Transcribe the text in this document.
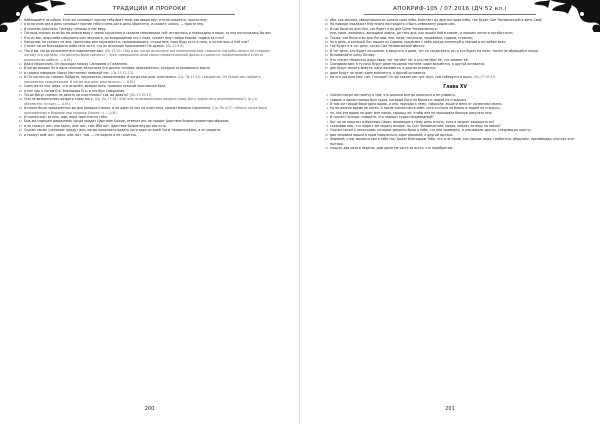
ТРАДИЦИИ И ПРОРОКИ
10 Наблюдайте за собою. Если же согрешит против тебя брат твой, выговори ему; и если покается, прости ему;
4 и если семь раз в день согрешит против тебя и семь раз в день обратится, и скажет: каюсь, — прости ему.
5 И сказали Апостолы Господу: умножь в нас веру.
6 Господь сказал: если бы вы имели веру с зерно горчичное и сказали смоковнице сей: исторгнись и пересадись в море, то она послушалась бы вас.
7 Кто из вас, имея раба пашущего или пасущего, по возвращении его с поля, скажет ему: пойди скорее, садись за стол?
8 Напротив, не скажет ли ему: приготовь мне поужинать и, подпоясавшись, служи мне, пока буду есть и пить, и потом ешь и пей сам?
9 Станет ли он благодарить раба сего за то, что он исполнил приказание? Не думаю. (Лк.17:5-9)
10 Так и вы, когда исполните всё повеленное вам, (Лк.17:10: «Так и вы, когда исполните всё повеленное вам, говорите: мы рабы ничего не стоящие, потому что сделали, что должны были сделать» / Лука: совершенно иной смысл первоначальной фразы в сущности, превратившейся в нечто аналогичное работе. — А.М.)
11 Идя в Иерусалим, Он проходил между Самариею и Галилеею.
12 И когда входил Он в одно селение, встретили Его десять человек прокажённых, которые остановились вдали
13 и громко говорили: Иисус Наставник! помилуй нас. (Лк.17:11-13)
14 И Он послал их, говоря: Пойдите, покажитесь священникам. И когда они шли, очистились. (Ср. Лк.17:14: «Увидев их, Он сказал им: пойдите, покажитесь священникам. И когда они шли, очистились». — А.М.)
15 Один же из них, видя, что исцелён, возвратился, громким голосом прославляя Бога,
16 и пал ниц к ногам Его, благодаря Его; и это был Самарянин.
17 Тогда Иисус сказал: не десять ли очистились? где же девять? (Лк.17:15-17)
18 Они не возвратились воздать славу Богу. (Ср. Лк.17:18: «Как они не возвратились воздать славу Богу, кроме сего иноплеменника?» (и у в абсолютно, лучше). — А.М.)
19 И много было прокажённых во дни пророка Елисея, и ни один из них не очистился, кроме Неемана Сириянина. (Ср. Лк.4:27: «Много также было прокажённых в Израиле при пророке Елисее...» — А.М.)
20 И сказал ему: встань, иди; вера твоя спасла тебя.
21 Быв же спрошен фарисеями, когда придёт Царствие Божие, отвечал им: не придёт Царствие Божие приметным образом,
22 и не скажут: вот, оно здесь, или: вот, там. Ибо вот, Царствие Божие внутрь вас есть.
23 Сказал также ученикам: придут дни, когда пожелаете видеть хотя один из дней Сына Человеческого, и не увидите;
24 и скажут вам: вот, здесь, или: вот, там, — не ходите и не гонитесь,
200
АПОКРИФ-105 / 07.2016 (ДЧ 52 кл.)
25 ибо, как молния, сверкнувшая от одного края неба, блистает до другого края неба, так будет Сын Человеческий в день Свой.
26 Но прежде надлежит Ему много пострадать и быть отвержену родом сим.
27 И как было во дни Ноя, так будет и во дни Сына Человеческого:
ели, пили, женились, выходили замуж, до того дня, как вошёл Ной в ковчег, и пришёл потоп и погубил всех.
28 Также, как было и во дни Лотовы: ели, пили, покупали, продавали, садили, строили;
29 но в день, в который Лот вышел из Содома, пролился с неба дождь огненный и серный и истребил всех;
30 так будет и в тот день, когда Сын Человеческий явится.
31 В тот день, кто будет на кровле, а вещи его в доме, тот не сходи взять их; и кто будет на поле, также не обращайся назад.
32 Вспоминайте жену Лотову.
33 Кто станет сберегать душу свою, тот погубит её; а кто погубит её, тот оживит её.
34 Сказываю вам: в ту ночь будут двое на одной постели: один возьмётся, а другой оставится;
35 две будут молоть вместе: одна возьмётся, а другая оставится;
36 двое будут на поле: один возьмётся, а другой оставится.
37 На это сказали Ему: где, Господи? Он же сказал им: где труп, там соберутся и орлы. (Лк.17:19-37)
Глава XV
1 Сказал также им притчу о том, что должно всегда молиться и не унывать,
2 говоря: в одном городе был судья, который Бога не боялся и людей не стыдился.
3 В том же городе была одна вдова, и она, приходя к нему, говорила: защити меня от соперника моего.
4 Но он долгое время не хотел. А после сказал сам в себе: хотя я и Бога не боюсь и людей не стыжусь,
5 но, как эта вдова не даёт мне покоя, защищу её, чтобы она не приходила больше докучать мне.
6 И сказал Господь: слышите, что говорит судья неправедный?
7 Бог ли не защитит избранных Своих, вопиющих к Нему день и ночь, хотя и медлит защищать их?
8 сказываю вам, что подаст им защиту вскоре. Но Сын Человеческий, придя, найдёт ли веру на земле?
9 Сказал также к некоторым, которые уверены были о себе, что они праведны, и уничижали других, следующую притчу:
10 два человека вошли в храм помолиться: один фарисей, а другой мытарь.
11 Фарисей, став, молился сам в себе так: Боже! благодарю Тебя, что я не таков, как прочие люди, грабители, обидчики, прелюбодеи, или как этот мытарь:
12 пощусь два раза в неделю, даю десятую часть из всего, что приобретаю.
201
